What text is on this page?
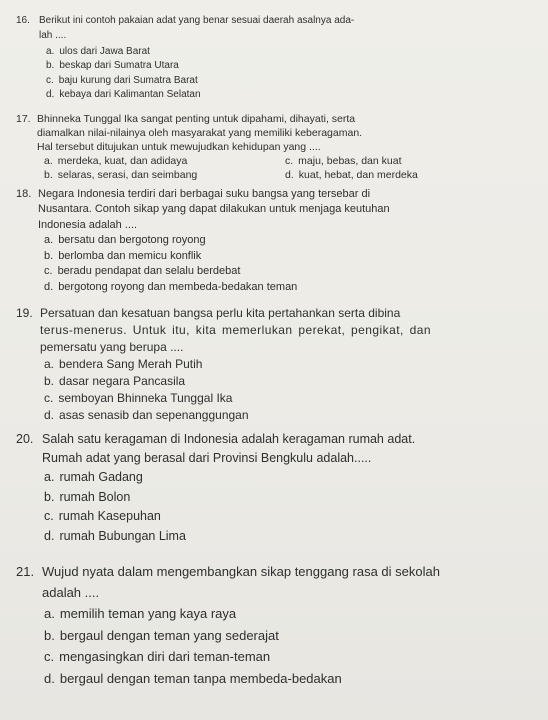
16. Berikut ini contoh pakaian adat yang benar sesuai daerah asalnya ada-
lah ....
a. ulos dari Jawa Barat
b. beskap dari Sumatra Utara
c. baju kurung dari Sumatra Barat
d. kebaya dari Kalimantan Selatan
17. Bhinneka Tunggal Ika sangat penting untuk dipahami, dihayati, serta
diamalkan nilai-nilainya oleh masyarakat yang memiliki keberagaman.
Hal tersebut ditujukan untuk mewujudkan kehidupan yang ....
a. merdeka, kuat, dan adidaya
b. selaras, serasi, dan seimbang
c. maju, bebas, dan kuat
d. kuat, hebat, dan merdeka
18. Negara Indonesia terdiri dari berbagai suku bangsa yang tersebar di
Nusantara. Contoh sikap yang dapat dilakukan untuk menjaga keutuhan
Indonesia adalah ....
a. bersatu dan bergotong royong
b. berlomba dan memicu konflik
c. beradu pendapat dan selalu berdebat
d. bergotong royong dan membeda-bedakan teman
19. Persatuan dan kesatuan bangsa perlu kita pertahankan serta dibina
terus-menerus. Untuk itu, kita memerlukan perekat, pengikat, dan
pemersatu yang berupa ....
a. bendera Sang Merah Putih
b. dasar negara Pancasila
c. semboyan Bhinneka Tunggal Ika
d. asas senasib dan sepenanggungan
20. Salah satu keragaman di Indonesia adalah keragaman rumah adat.
Rumah adat yang berasal dari Provinsi Bengkulu adalah.....
a. rumah Gadang
b. rumah Bolon
c. rumah Kasepuhan
d. rumah Bubungan Lima
21. Wujud nyata dalam mengembangkan sikap tenggang rasa di sekolah
adalah ....
a. memilih teman yang kaya raya
b. bergaul dengan teman yang sederajat
c. mengasingkan diri dari teman-teman
d. bergaul dengan teman tanpa membeda-bedakan
